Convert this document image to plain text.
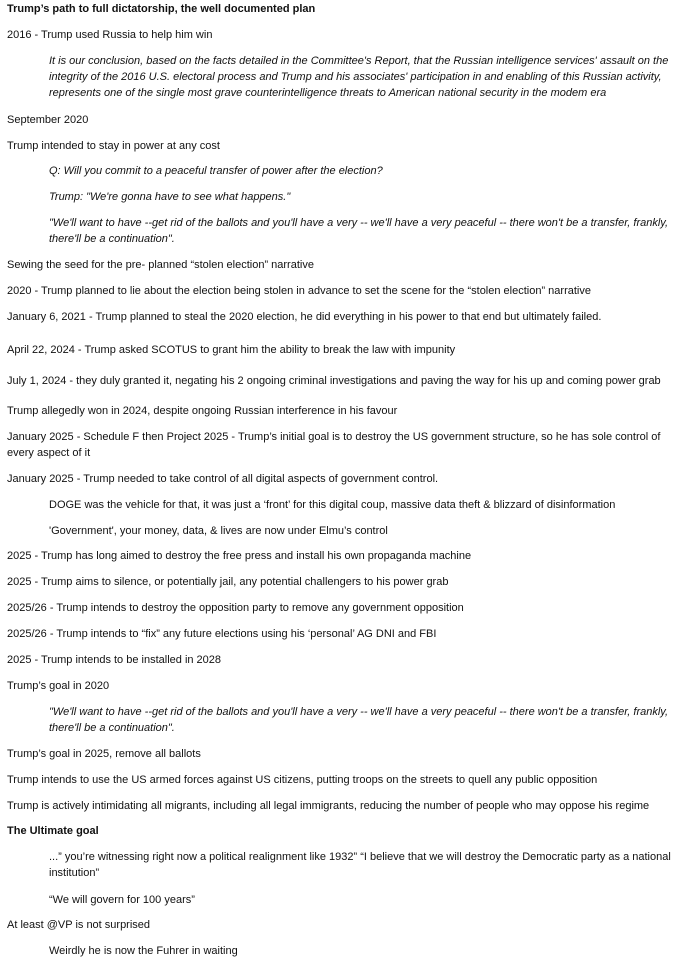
Trump’s path to full dictatorship, the well documented plan

2016 - Trump used Russia to help him win

It is our conclusion, based on the facts detailed in the Committee's Report, that the Russian intelligence services' assault on the integrity of the 2016 U.S. electoral process and Trump and his associates' participation in and enabling of this Russian activity, represents one of the single most grave counterintelligence threats to American national security in the modem era

September 2020

Trump intended to stay in power at any cost

Q: Will you commit to a peaceful transfer of power after the election?

Trump: "We're gonna have to see what happens."

"We'll want to have --get rid of the ballots and you'll have a very -- we'll have a very peaceful -- there won't be a transfer, frankly, there'll be a continuation".

Sewing the seed for the pre- planned “stolen election” narrative

2020 - Trump planned to lie about the election being stolen in advance to set the scene for the “stolen election” narrative

January 6, 2021 - Trump planned to steal the 2020 election, he did everything in his power to that end but ultimately failed.

April 22, 2024 - Trump asked SCOTUS to grant him the ability to break the law with impunity

July 1, 2024 - they duly granted it, negating his 2 ongoing criminal investigations and paving the way for his up and coming power grab

Trump allegedly won in 2024, despite ongoing Russian interference in his favour

January 2025 - Schedule F then Project 2025 - Trump’s initial goal is to destroy the US government structure, so he has sole control of every aspect of it

January 2025 - Trump needed to take control of all digital aspects of government control.

DOGE was the vehicle for that, it was just a ‘front’ for this digital coup, massive data theft & blizzard of disinformation

'Government', your money, data, & lives are now under Elmu’s control

2025 - Trump has long aimed to destroy the free press and install his own propaganda machine

2025 - Trump aims to silence, or potentially jail, any potential challengers to his power grab

2025/26 - Trump intends to destroy the opposition party to remove any government opposition

2025/26 - Trump intends to “fix” any future elections using his ‘personal’ AG DNI and FBI

2025 - Trump intends to be installed in 2028

Trump’s goal in 2020

"We'll want to have --get rid of the ballots and you'll have a very -- we'll have a very peaceful -- there won't be a transfer, frankly, there'll be a continuation".

Trump’s goal in 2025, remove all ballots

Trump intends to use the US armed forces against US citizens, putting troops on the streets to quell any public opposition

Trump is actively intimidating all migrants, including all legal immigrants, reducing the number of people who may oppose his regime

The Ultimate goal

...” you’re witnessing right now a political realignment like 1932” “I believe that we will destroy the Democratic party as a national institution”

“We will govern for 100 years”

At least @VP is not surprised

Weirdly he is now the Fuhrer in waiting
